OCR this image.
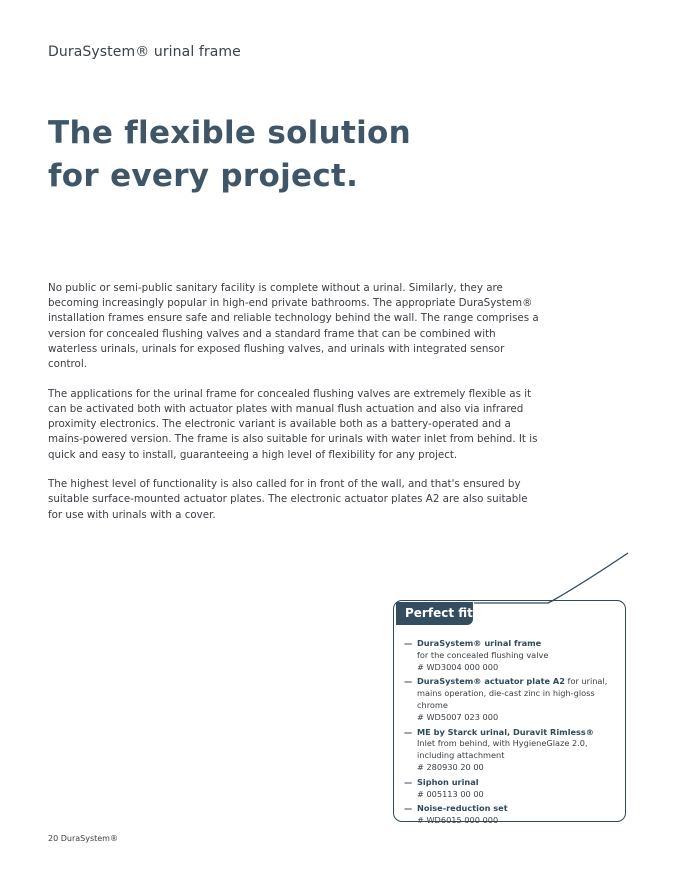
DuraSystem® urinal frame
The flexible solution
for every project.

No public or semi-public sanitary facility is complete without a urinal. Similarly, they are becoming increasingly popular in high-end private bathrooms. The appropriate DuraSystem® installation frames ensure safe and reliable technology behind the wall. The range comprises a version for concealed flushing valves and a standard frame that can be combined with waterless urinals, urinals for exposed flushing valves, and urinals with integrated sensor control.

The applications for the urinal frame for concealed flushing valves are extremely flexible as it can be activated both with actuator plates with manual flush actuation and also via infrared proximity electronics. The electronic variant is available both as a battery-operated and a mains-powered version. The frame is also suitable for urinals with water inlet from behind. It is quick and easy to install, guaranteeing a high level of flexibility for any project.

The highest level of functionality is also called for in front of the wall, and that's ensured by suitable surface-mounted actuator plates. The electronic actuator plates A2 are also suitable for use with urinals with a cover.

Perfect fit
— DuraSystem® urinal frame
for the concealed flushing valve
# WD3004 000 000
— DuraSystem® actuator plate A2 for urinal,
mains operation, die-cast zinc in high-gloss chrome
# WD5007 023 000
— ME by Starck urinal, Duravit Rimless®
Inlet from behind, with HygieneGlaze 2.0,
including attachment
# 280930 20 00
— Siphon urinal
# 005113 00 00
— Noise-reduction set
# WD6015 000 000
20 DuraSystem®
